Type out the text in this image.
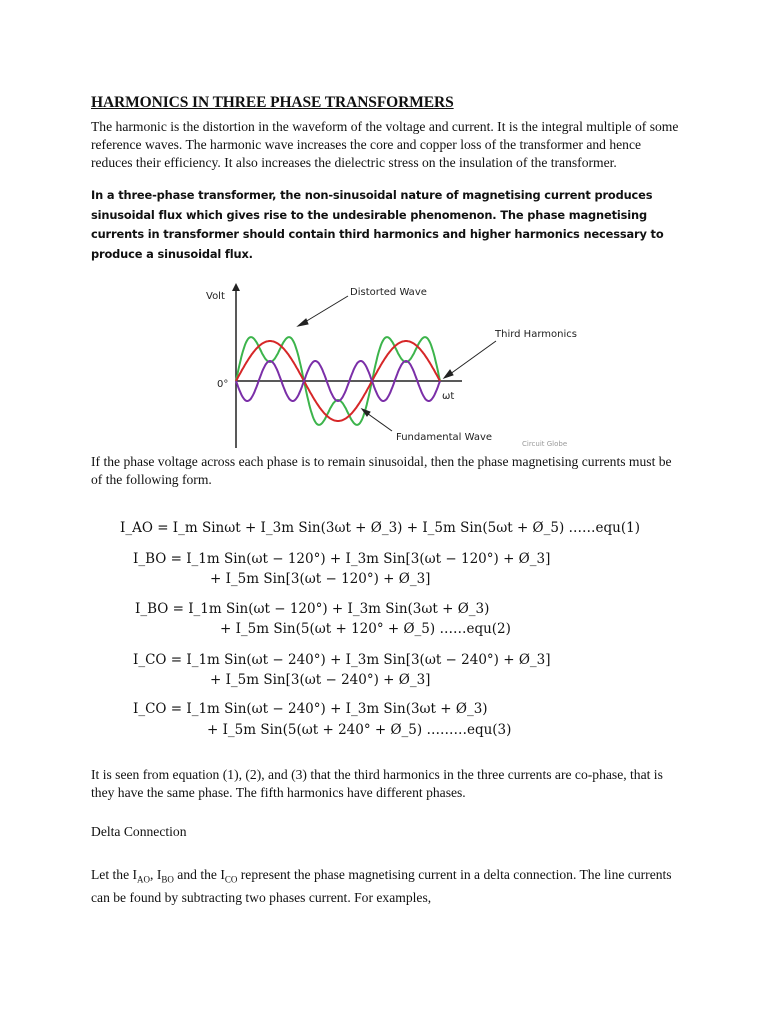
HARMONICS IN THREE PHASE TRANSFORMERS

The harmonic is the distortion in the waveform of the voltage and current. It is the integral multiple of some reference waves. The harmonic wave increases the core and copper loss of the transformer and hence reduces their efficiency. It also increases the dielectric stress on the insulation of the transformer.

In a three-phase transformer, the non-sinusoidal nature of magnetising current produces sinusoidal flux which gives rise to the undesirable phenomenon. The phase magnetising currents in transformer should contain third harmonics and higher harmonics necessary to produce a sinusoidal flux.

Volt
0°
ωt
Distorted Wave
Third Harmonics
Fundamental Wave
Circuit Globe

If the phase voltage across each phase is to remain sinusoidal, then the phase magnetising currents must be of the following form.

I_AO = I_m Sinωt + I_3m Sin(3ωt + Ø_3) + I_5m Sin(5ωt + Ø_5) ……equ(1)
I_BO = I_1m Sin(ωt − 120°) + I_3m Sin[3(ωt − 120°) + Ø_3]
+ I_5m Sin[3(ωt − 120°) + Ø_3]
I_BO = I_1m Sin(ωt − 120°) + I_3m Sin(3ωt + Ø_3)
+ I_5m Sin(5(ωt + 120° + Ø_5) ……equ(2)
I_CO = I_1m Sin(ωt − 240°) + I_3m Sin[3(ωt − 240°) + Ø_3]
+ I_5m Sin[3(ωt − 240°) + Ø_3]
I_CO = I_1m Sin(ωt − 240°) + I_3m Sin(3ωt + Ø_3)
+ I_5m Sin(5(ωt + 240° + Ø_5) ………equ(3)

It is seen from equation (1), (2), and (3) that the third harmonics in the three currents are co-phase, that is they have the same phase. The fifth harmonics have different phases.

Delta Connection

Let the $I_{AO}$, $I_{BO}$ and the $I_{CO}$ represent the phase magnetising current in a delta connection. The line currents can be found by subtracting two phases current. For examples,
